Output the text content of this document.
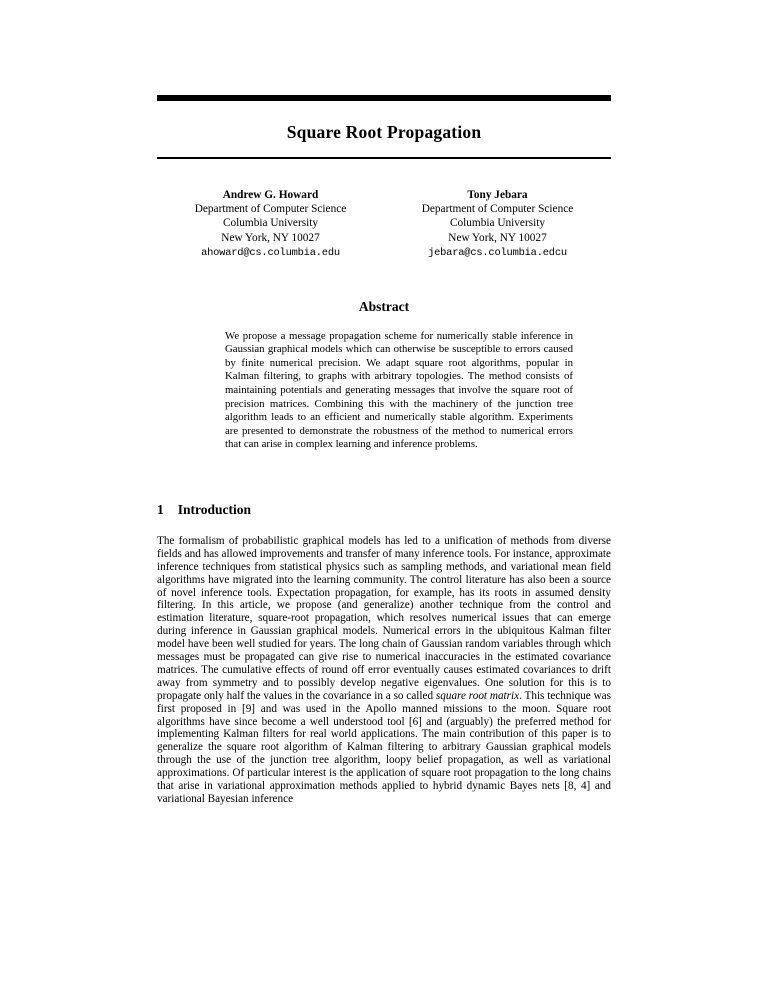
Square Root Propagation
Andrew G. Howard
Department of Computer Science
Columbia University
New York, NY 10027
ahoward@cs.columbia.edu
Tony Jebara
Department of Computer Science
Columbia University
New York, NY 10027
jebara@cs.columbia.edcu
Abstract

We propose a message propagation scheme for numerically stable inference in Gaussian graphical models which can otherwise be susceptible to errors caused by finite numerical precision. We adapt square root algorithms, popular in Kalman filtering, to graphs with arbitrary topologies. The method consists of maintaining potentials and generating messages that involve the square root of precision matrices. Combining this with the machinery of the junction tree algorithm leads to an efficient and numerically stable algorithm. Experiments are presented to demonstrate the robustness of the method to numerical errors that can arise in complex learning and inference problems.

1 Introduction

The formalism of probabilistic graphical models has led to a unification of methods from diverse fields and has allowed improvements and transfer of many inference tools. For instance, approximate inference techniques from statistical physics such as sampling methods, and variational mean field algorithms have migrated into the learning community. The control literature has also been a source of novel inference tools. Expectation propagation, for example, has its roots in assumed density filtering. In this article, we propose (and generalize) another technique from the control and estimation literature, square-root propagation, which resolves numerical issues that can emerge during inference in Gaussian graphical models. Numerical errors in the ubiquitous Kalman filter model have been well studied for years. The long chain of Gaussian random variables through which messages must be propagated can give rise to numerical inaccuracies in the estimated covariance matrices. The cumulative effects of round off error eventually causes estimated covariances to drift away from symmetry and to possibly develop negative eigenvalues. One solution for this is to propagate only half the values in the covariance in a so called square root matrix. This technique was first proposed in [9] and was used in the Apollo manned missions to the moon. Square root algorithms have since become a well understood tool [6] and (arguably) the preferred method for implementing Kalman filters for real world applications. The main contribution of this paper is to generalize the square root algorithm of Kalman filtering to arbitrary Gaussian graphical models through the use of the junction tree algorithm, loopy belief propagation, as well as variational approximations. Of particular interest is the application of square root propagation to the long chains that arise in variational approximation methods applied to hybrid dynamic Bayes nets [8, 4] and variational Bayesian inference
